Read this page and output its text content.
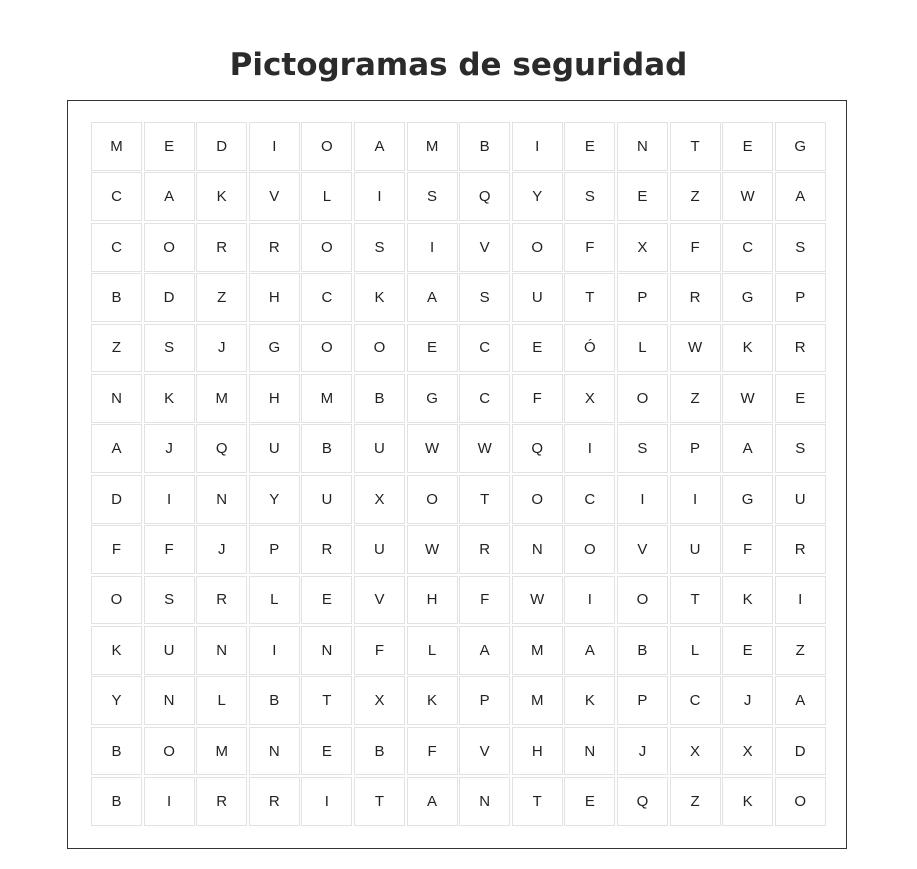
Pictogramas de seguridad
M	E	D	I	O	A	M	B	I	E	N	T	E	G
C	A	K	V	L	I	S	Q	Y	S	E	Z	W	A
C	O	R	R	O	S	I	V	O	F	X	F	C	S
B	D	Z	H	C	K	A	S	U	T	P	R	G	P
Z	S	J	G	O	O	E	C	E	Ó	L	W	K	R
N	K	M	H	M	B	G	C	F	X	O	Z	W	E
A	J	Q	U	B	U	W	W	Q	I	S	P	A	S
D	I	N	Y	U	X	O	T	O	C	I	I	G	U
F	F	J	P	R	U	W	R	N	O	V	U	F	R
O	S	R	L	E	V	H	F	W	I	O	T	K	I
K	U	N	I	N	F	L	A	M	A	B	L	E	Z
Y	N	L	B	T	X	K	P	M	K	P	C	J	A
B	O	M	N	E	B	F	V	H	N	J	X	X	D
B	I	R	R	I	T	A	N	T	E	Q	Z	K	O
